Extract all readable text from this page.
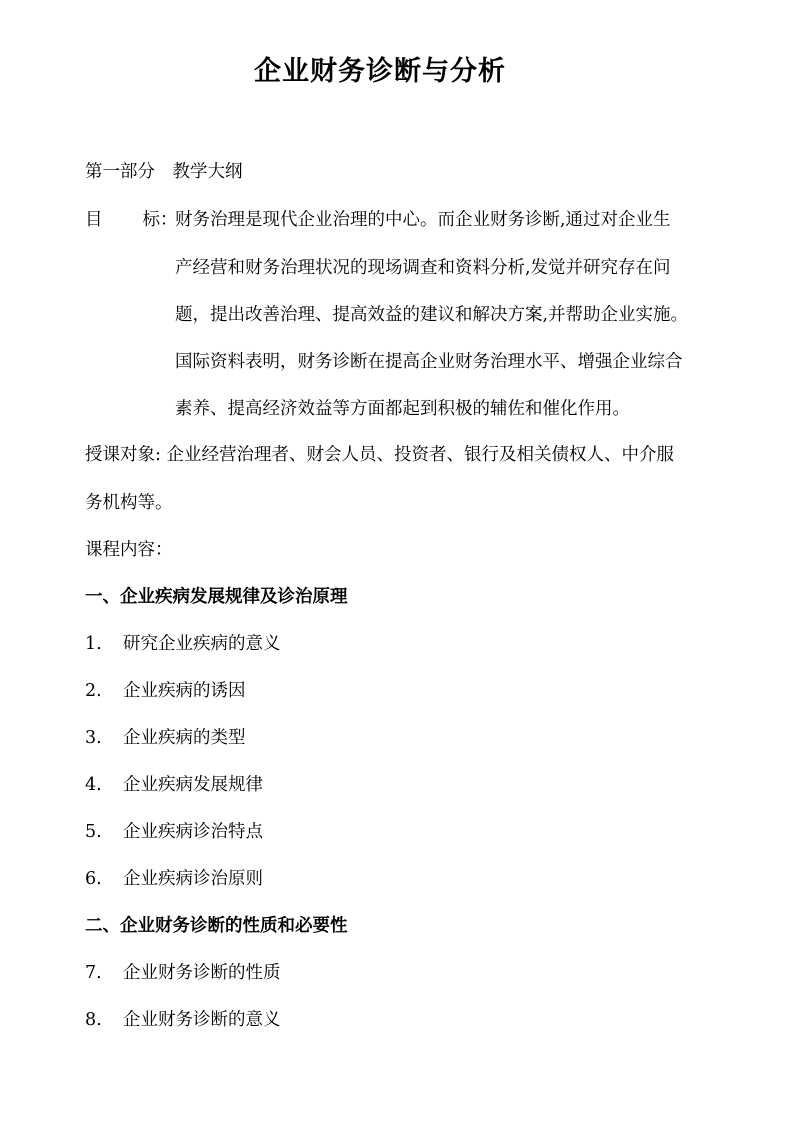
企业财务诊断与分析
第一部分　教学大纲
目 标：
财务治理是现代企业治理的中心。而企业财务诊断,通过对企业生
产经营和财务治理状况的现场调查和资料分析,发觉并研究存在问
题，提出改善治理、提高效益的建议和解决方案,并帮助企业实施。
国际资料表明，财务诊断在提高企业财务治理水平、增强企业综合
素养、提高经济效益等方面都起到积极的辅佐和催化作用。
授课对象: 企业经营治理者、财会人员、投资者、银行及相关债权人、中介服
务机构等。
课程内容：
一、企业疾病发展规律及诊治原理
1. 研究企业疾病的意义
2. 企业疾病的诱因
3. 企业疾病的类型
4. 企业疾病发展规律
5. 企业疾病诊治特点
6. 企业疾病诊治原则
二、企业财务诊断的性质和必要性
7. 企业财务诊断的性质
8. 企业财务诊断的意义
